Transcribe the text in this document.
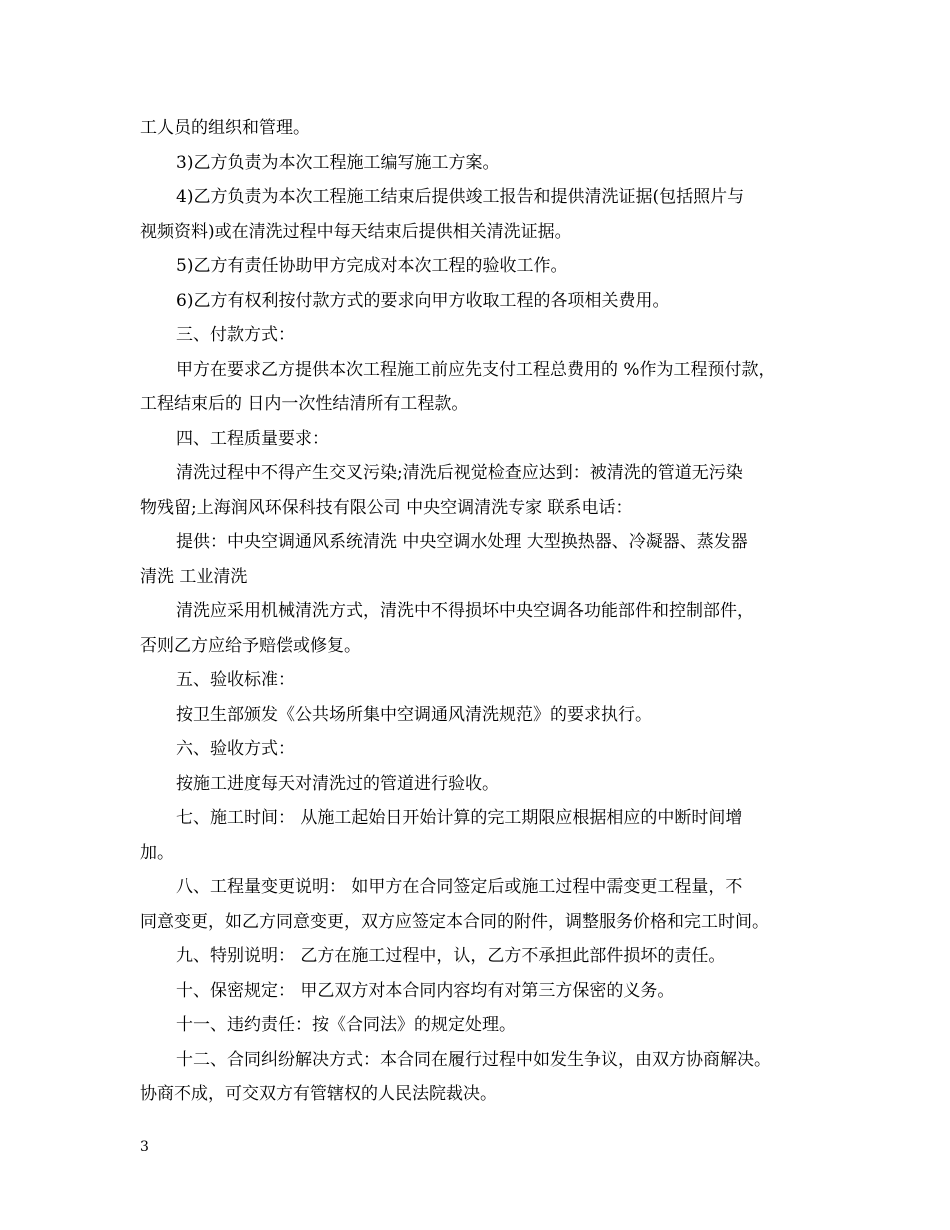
工人员的组织和管理。
3)乙方负责为本次工程施工编写施工方案。
4)乙方负责为本次工程施工结束后提供竣工报告和提供清洗证据(包括照片与
视频资料)或在清洗过程中每天结束后提供相关清洗证据。
5)乙方有责任协助甲方完成对本次工程的验收工作。
6)乙方有权利按付款方式的要求向甲方收取工程的各项相关费用。
三、付款方式：
甲方在要求乙方提供本次工程施工前应先支付工程总费用的 %作为工程预付款，
工程结束后的 日内一次性结清所有工程款。
四、工程质量要求：
清洗过程中不得产生交叉污染;清洗后视觉检查应达到：被清洗的管道无污染
物残留;上海润风环保科技有限公司 中央空调清洗专家 联系电话：
提供：中央空调通风系统清洗 中央空调水处理 大型换热器、冷凝器、蒸发器
清洗 工业清洗
清洗应采用机械清洗方式，清洗中不得损坏中央空调各功能部件和控制部件，
否则乙方应给予赔偿或修复。
五、验收标准：
按卫生部颁发《公共场所集中空调通风清洗规范》的要求执行。
六、验收方式：
按施工进度每天对清洗过的管道进行验收。
七、施工时间： 从施工起始日开始计算的完工期限应根据相应的中断时间增
加。
八、工程量变更说明： 如甲方在合同签定后或施工过程中需变更工程量，不
同意变更，如乙方同意变更，双方应签定本合同的附件，调整服务价格和完工时间。
九、特别说明： 乙方在施工过程中，认，乙方不承担此部件损坏的责任。
十、保密规定： 甲乙双方对本合同内容均有对第三方保密的义务。
十一、违约责任：按《合同法》的规定处理。
十二、合同纠纷解决方式：本合同在履行过程中如发生争议，由双方协商解决。
协商不成，可交双方有管辖权的人民法院裁决。
3
